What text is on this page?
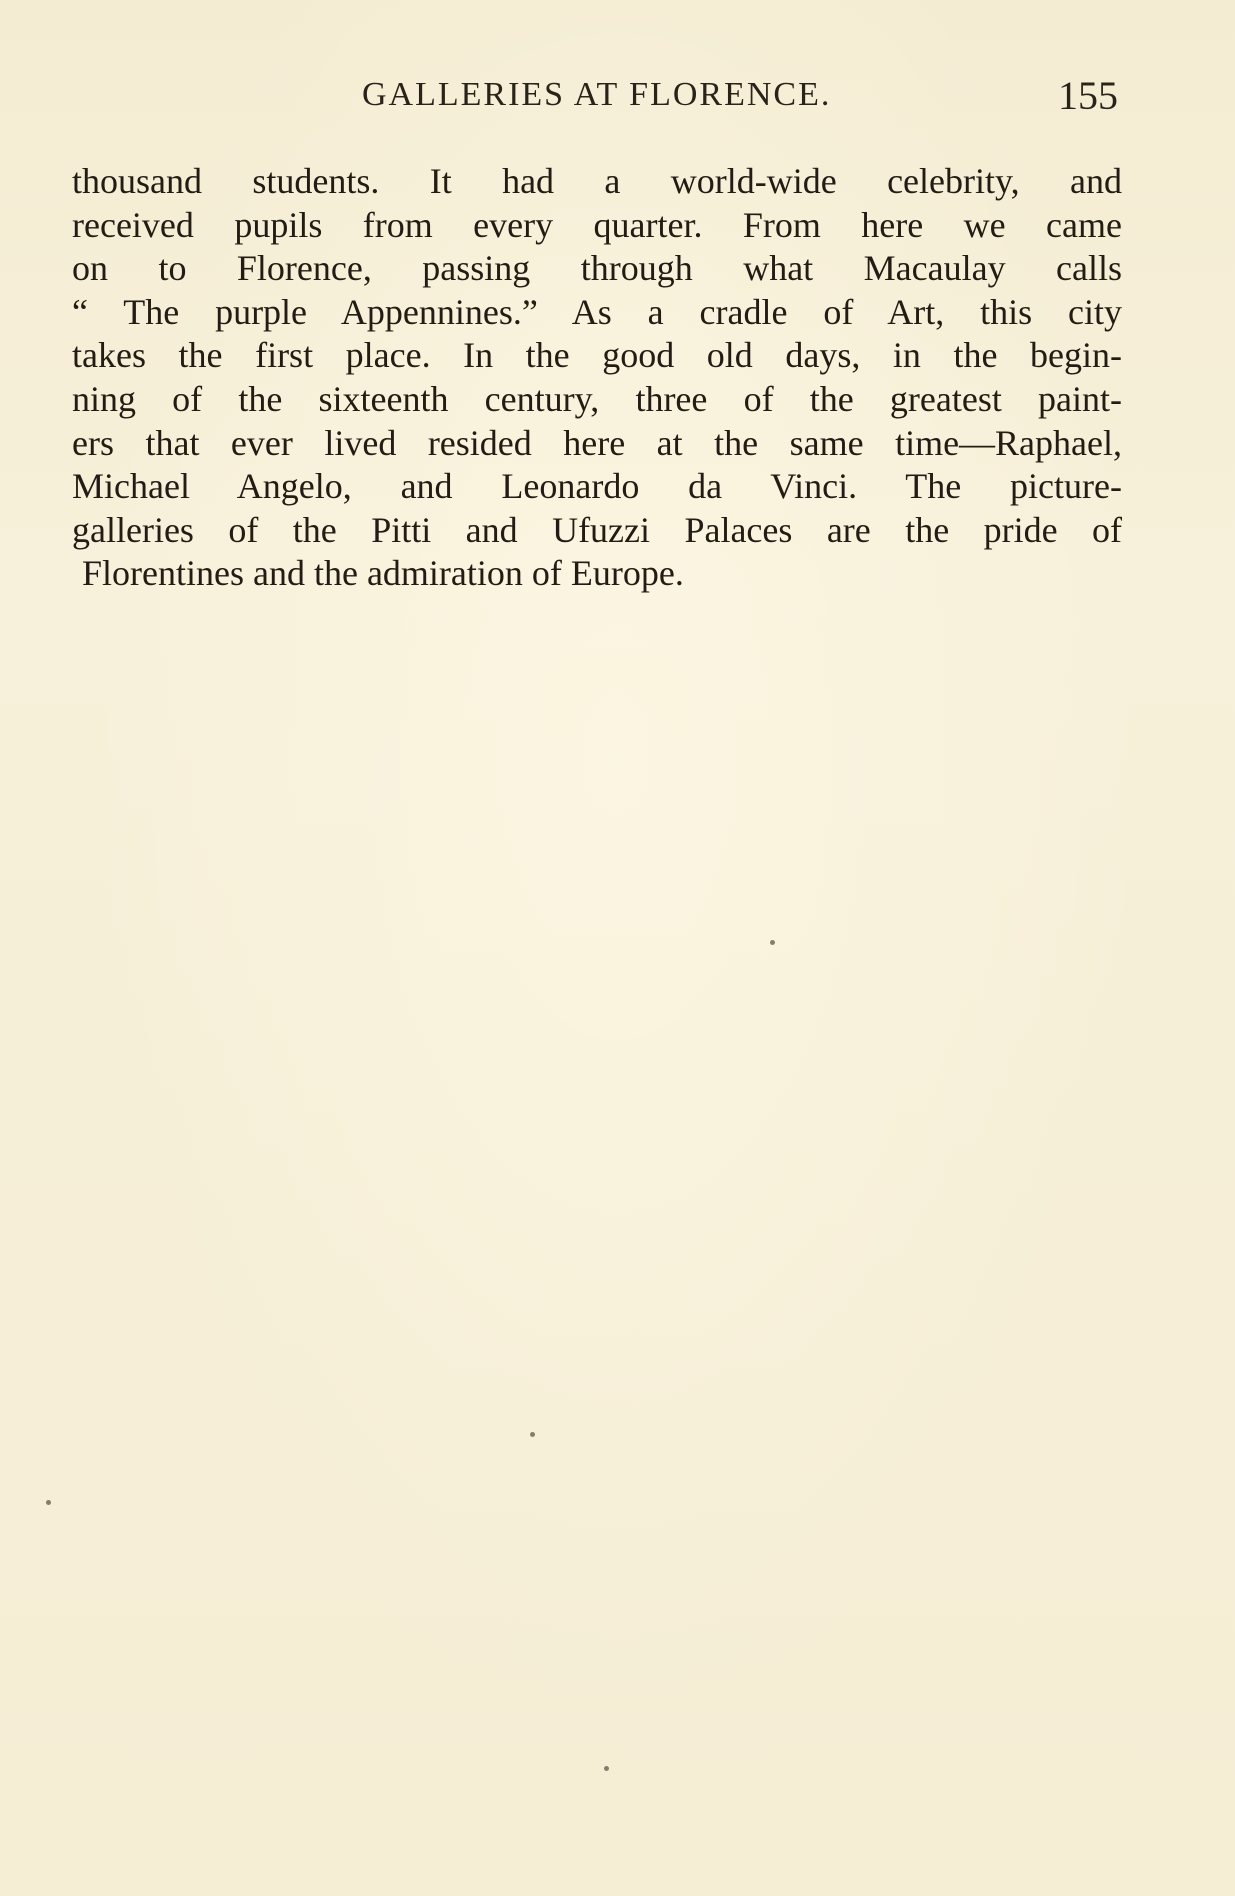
GALLERIES AT FLORENCE.	155
thousand students. It had a world-wide celebrity, and
received pupils from every quarter. From here we came
on to Florence, passing through what Macaulay calls
“ The purple Appennines.” As a cradle of Art, this city
takes the first place. In the good old days, in the begin-
ning of the sixteenth century, three of the greatest paint-
ers that ever lived resided here at the same time—Raphael,
Michael Angelo, and Leonardo da Vinci. The picture-
galleries of the Pitti and Ufuzzi Palaces are the pride of
Florentines and the admiration of Europe.
